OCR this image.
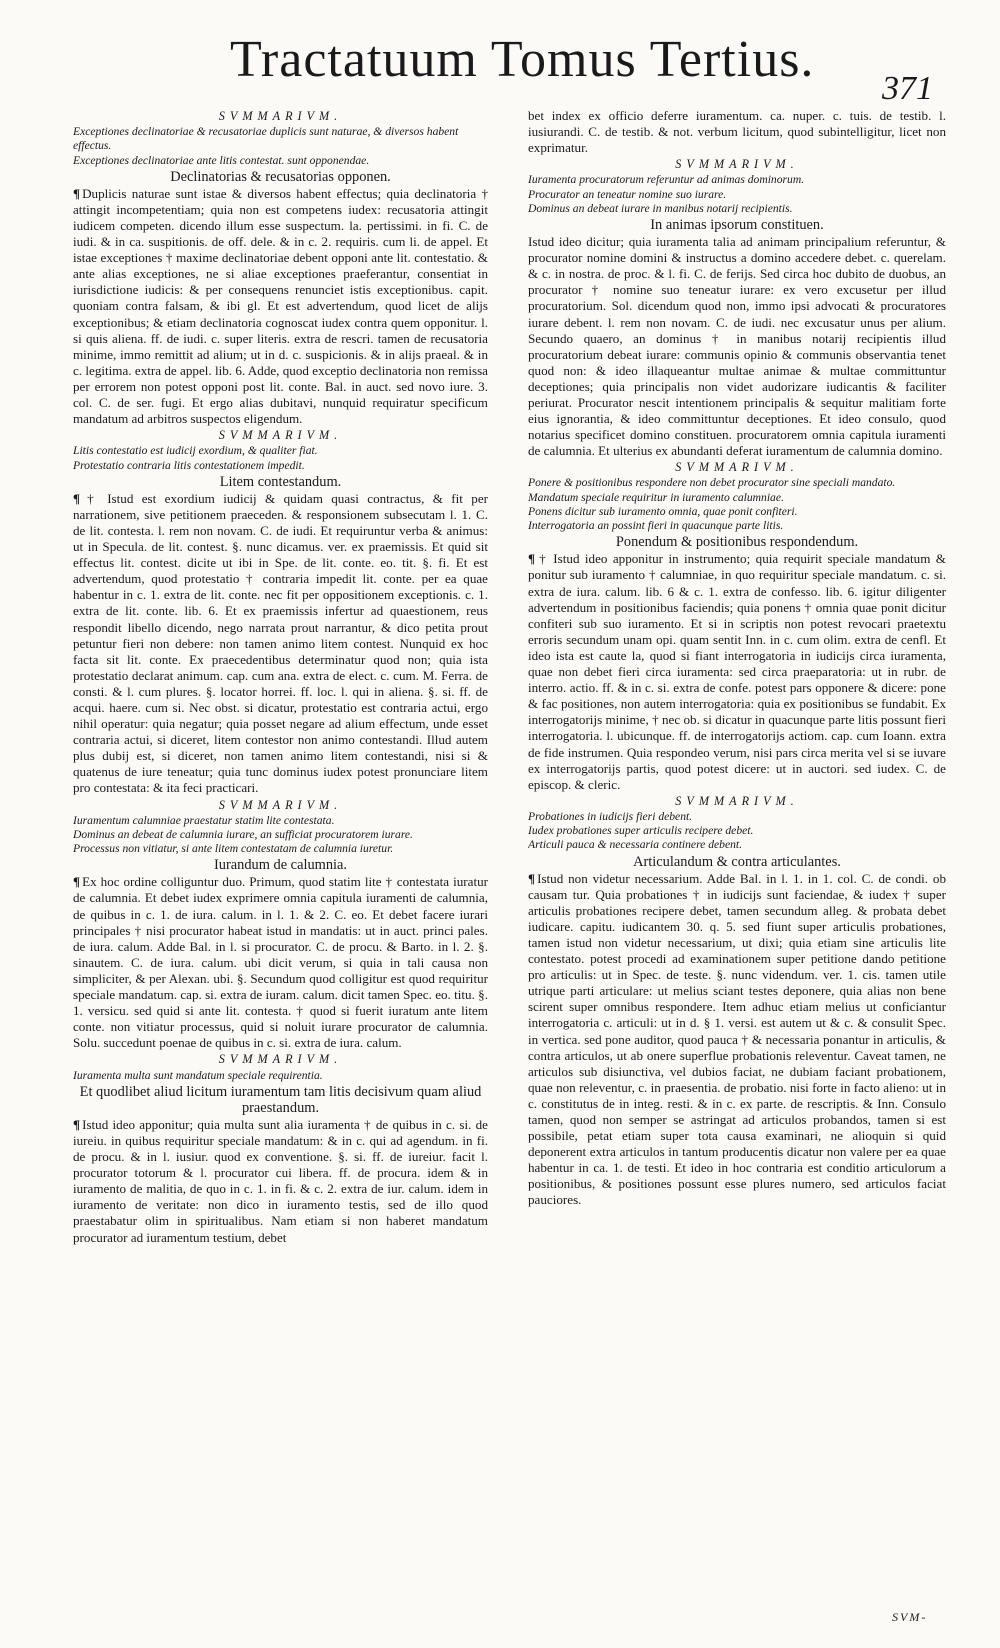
Tractatuum Tomus Tertius.
371
SVMMARIVM.
Exceptiones declinatoriae & recusatoriae duplicis sunt naturae, & diversos habent effectus.
Exceptiones declinatoriae ante litis contestat. sunt opponendae.
Declinatorias & recusatorias opponen.

¶ Duplicis naturae sunt istae & diversos habent effectus; quia declinatoria † attingit incompetentiam; quia non est competens iudex: recusatoria attingit iudicem competen. dicendo illum esse suspectum. la. pertissimi. in fi. C. de iudi. & in ca. suspitionis. de off. dele. & in c. 2. requiris. cum li. de appel. Et istae exceptiones † maxime declinatoriae debent opponi ante lit. contestatio. & ante alias exceptiones, ne si aliae exceptiones praeferantur, consentiat in iurisdictione iudicis: & per consequens renunciet istis exceptionibus. capit. quoniam contra falsam, & ibi gl. Et est advertendum, quod licet de alijs exceptionibus; & etiam declinatoria cognoscat iudex contra quem opponitur. l. si quis aliena. ff. de iudi. c. super literis. extra de rescri. tamen de recusatoria minime, immo remittit ad alium; ut in d. c. suspicionis. & in alijs praeal. & in c. legitima. extra de appel. lib. 6. Adde, quod exceptio declinatoria non remissa per errorem non potest opponi post lit. conte. Bal. in auct. sed novo iure. 3. col. C. de ser. fugi. Et ergo alias dubitavi, nunquid requiratur specificum mandatum ad arbitros suspectos eligendum.

SVMMARIVM.
Litis contestatio est iudicij exordium, & qualiter fiat.
Protestatio contraria litis contestationem impedit.
Litem contestandum.

¶ † Istud est exordium iudicij & quidam quasi contractus, & fit per narrationem, sive petitionem praeceden. & responsionem subsecutam l. 1. C. de lit. contesta. l. rem non novam. C. de iudi. Et requiruntur verba & animus: ut in Specula. de lit. contest. §. nunc dicamus. ver. ex praemissis. Et quid sit effectus lit. contest. dicite ut ibi in Spe. de lit. conte. eo. tit. §. fi. Et est advertendum, quod protestatio † contraria impedit lit. conte. per ea quae habentur in c. 1. extra de lit. conte. nec fit per oppositionem exceptionis. c. 1. extra de lit. conte. lib. 6. Et ex praemissis infertur ad quaestionem, reus respondit libello dicendo, nego narrata prout narrantur, & dico petita prout petuntur fieri non debere: non tamen animo litem contest. Nunquid ex hoc facta sit lit. conte. Ex praecedentibus determinatur quod non; quia ista protestatio declarat animum. cap. cum ana. extra de elect. c. cum. M. Ferra. de consti. & l. cum plures. §. locator horrei. ff. loc. l. qui in aliena. §. si. ff. de acqui. haere. cum si. Nec obst. si dicatur, protestatio est contraria actui, ergo nihil operatur: quia negatur; quia posset negare ad alium effectum, unde esset contraria actui, si diceret, litem contestor non animo contestandi. Illud autem plus dubij est, si diceret, non tamen animo litem contestandi, nisi si & quatenus de iure teneatur; quia tunc dominus iudex potest pronunciare litem pro contestata: & ita feci practicari.

SVMMARIVM.
Iuramentum calumniae praestatur statim lite contestata.
Dominus an debeat de calumnia iurare, an sufficiat procuratorem iurare.
Processus non vitiatur, si ante litem contestatam de calumnia iuretur.
Iurandum de calumnia.

¶ Ex hoc ordine colliguntur duo. Primum, quod statim lite † contestata iuratur de calumnia. Et debet iudex exprimere omnia capitula iuramenti de calumnia, de quibus in c. 1. de iura. calum. in l. 1. & 2. C. eo. Et debet facere iurari principales † nisi procurator habeat istud in mandatis: ut in auct. princi pales. de iura. calum. Adde Bal. in l. si procurator. C. de procu. & Barto. in l. 2. §. sinautem. C. de iura. calum. ubi dicit verum, si quia in tali causa non simpliciter, & per Alexan. ubi. §. Secundum quod colligitur est quod requiritur speciale mandatum. cap. si. extra de iuram. calum. dicit tamen Spec. eo. titu. §. 1. versicu. sed quid si ante lit. contesta. † quod si fuerit iuratum ante litem conte. non vitiatur processus, quid si noluit iurare procurator de calumnia. Solu. succedunt poenae de quibus in c. si. extra de iura. calum.

SVMMARIVM.
Iuramenta multa sunt mandatum speciale requirentia.
Et quodlibet aliud licitum iuramentum tam litis decisivum quam aliud praestandum.

¶ Istud ideo apponitur; quia multa sunt alia iuramenta † de quibus in c. si. de iureiu. in quibus requiritur speciale mandatum: & in c. qui ad agendum. in fi. de procu. & in l. iusiur. quod ex conventione. §. si. ff. de iureiur. facit l. procurator totorum & l. procurator cui libera. ff. de procura. idem & in iuramento de malitia, de quo in c. 1. in fi. & c. 2. extra de iur. calum. idem in iuramento de veritate: non dico in iuramento testis, sed de illo quod praestabatur olim in spiritualibus. Nam etiam si non haberet mandatum procurator ad iuramentum testium, debet

bet index ex officio deferre iuramentum. ca. nuper. c. tuis. de testib. l. iusiurandi. C. de testib. & not. verbum licitum, quod subintelligitur, licet non exprimatur.

SVMMARIVM.
Iuramenta procuratorum referuntur ad animas dominorum.
Procurator an teneatur nomine suo iurare.
Dominus an debeat iurare in manibus notarij recipientis.
In animas ipsorum constituen.

Istud ideo dicitur; quia iuramenta talia ad animam principalium referuntur, & procurator nomine domini & instructus a domino accedere debet. c. querelam. & c. in nostra. de proc. & l. fi. C. de ferijs. Sed circa hoc dubito de duobus, an procurator † nomine suo teneatur iurare: ex vero excusetur per illud procuratorium. Sol. dicendum quod non, immo ipsi advocati & procuratores iurare debent. l. rem non novam. C. de iudi. nec excusatur unus per alium. Secundo quaero, an dominus † in manibus notarij recipientis illud procuratorium debeat iurare: communis opinio & communis observantia tenet quod non: & ideo illaqueantur multae animae & multae committuntur deceptiones; quia principalis non videt audorizare iudicantis & faciliter periurat. Procurator nescit intentionem principalis & sequitur malitiam forte eius ignorantia, & ideo committuntur deceptiones. Et ideo consulo, quod notarius specificet domino constituen. procuratorem omnia capitula iuramenti de calumnia. Et ulterius ex abundanti deferat iuramentum de calumnia domino.

SVMMARIVM.
Ponere & positionibus respondere non debet procurator sine speciali mandato.
Mandatum speciale requiritur in iuramento calumniae.
Ponens dicitur sub iuramento omnia, quae ponit confiteri.
Interrogatoria an possint fieri in quacunque parte litis.
Ponendum & positionibus respondendum.

¶ † Istud ideo apponitur in instrumento; quia requirit speciale mandatum & ponitur sub iuramento † calumniae, in quo requiritur speciale mandatum. c. si. extra de iura. calum. lib. 6 & c. 1. extra de confesso. lib. 6. igitur diligenter advertendum in positionibus faciendis; quia ponens † omnia quae ponit dicitur confiteri sub suo iuramento. Et si in scriptis non potest revocari praetextu erroris secundum unam opi. quam sentit Inn. in c. cum olim. extra de cenfl. Et ideo ista est caute la, quod si fiant interrogatoria in iudicijs circa iuramenta, quae non debet fieri circa iuramenta: sed circa praeparatoria: ut in rubr. de interro. actio. ff. & in c. si. extra de confe. potest pars opponere & dicere: pone & fac positiones, non autem interrogatoria: quia ex positionibus se fundabit. Ex interrogatorijs minime, † nec ob. si dicatur in quacunque parte litis possunt fieri interrogatoria. l. ubicunque. ff. de interrogatorijs actiom. cap. cum Ioann. extra de fide instrumen. Quia respondeo verum, nisi pars circa merita vel si se iuvare ex interrogatorijs partis, quod potest dicere: ut in auctori. sed iudex. C. de episcop. & cleric.

SVMMARIVM.
Probationes in iudicijs fieri debent.
Iudex probationes super articulis recipere debet.
Articuli pauca & necessaria continere debent.
Articulandum & contra articulantes.

¶ Istud non videtur necessarium. Adde Bal. in l. 1. in 1. col. C. de condi. ob causam tur. Quia probationes † in iudicijs sunt faciendae, & iudex † super articulis probationes recipere debet, tamen secundum alleg. & probata debet iudicare. capitu. iudicantem 30. q. 5. sed fiunt super articulis probationes, tamen istud non videtur necessarium, ut dixi; quia etiam sine articulis lite contestato. potest procedi ad examinationem super petitione dando petitione pro articulis: ut in Spec. de teste. §. nunc videndum. ver. 1. cis. tamen utile utrique parti articulare: ut melius sciant testes deponere, quia alias non bene scirent super omnibus respondere. Item adhuc etiam melius ut conficiantur interrogatoria c. articuli: ut in d. § 1. versi. est autem ut & c. & consulit Spec. in vertica. sed pone auditor, quod pauca † & necessaria ponantur in articulis, & contra articulos, ut ab onere superflue probationis releventur. Caveat tamen, ne articulos sub disiunctiva, vel dubios faciat, ne dubiam faciant probationem, quae non releventur, c. in praesentia. de probatio. nisi forte in facto alieno: ut in c. constitutus de in integ. resti. & in c. ex parte. de rescriptis. & Inn. Consulo tamen, quod non semper se astringat ad articulos probandos, tamen si est possibile, petat etiam super tota causa examinari, ne alioquin si quid deponerent extra articulos in tantum producentis dicatur non valere per ea quae habentur in ca. 1. de testi. Et ideo in hoc contraria est conditio articulorum a positionibus, & positiones possunt esse plures numero, sed articulos faciat pauciores.

SVM-
